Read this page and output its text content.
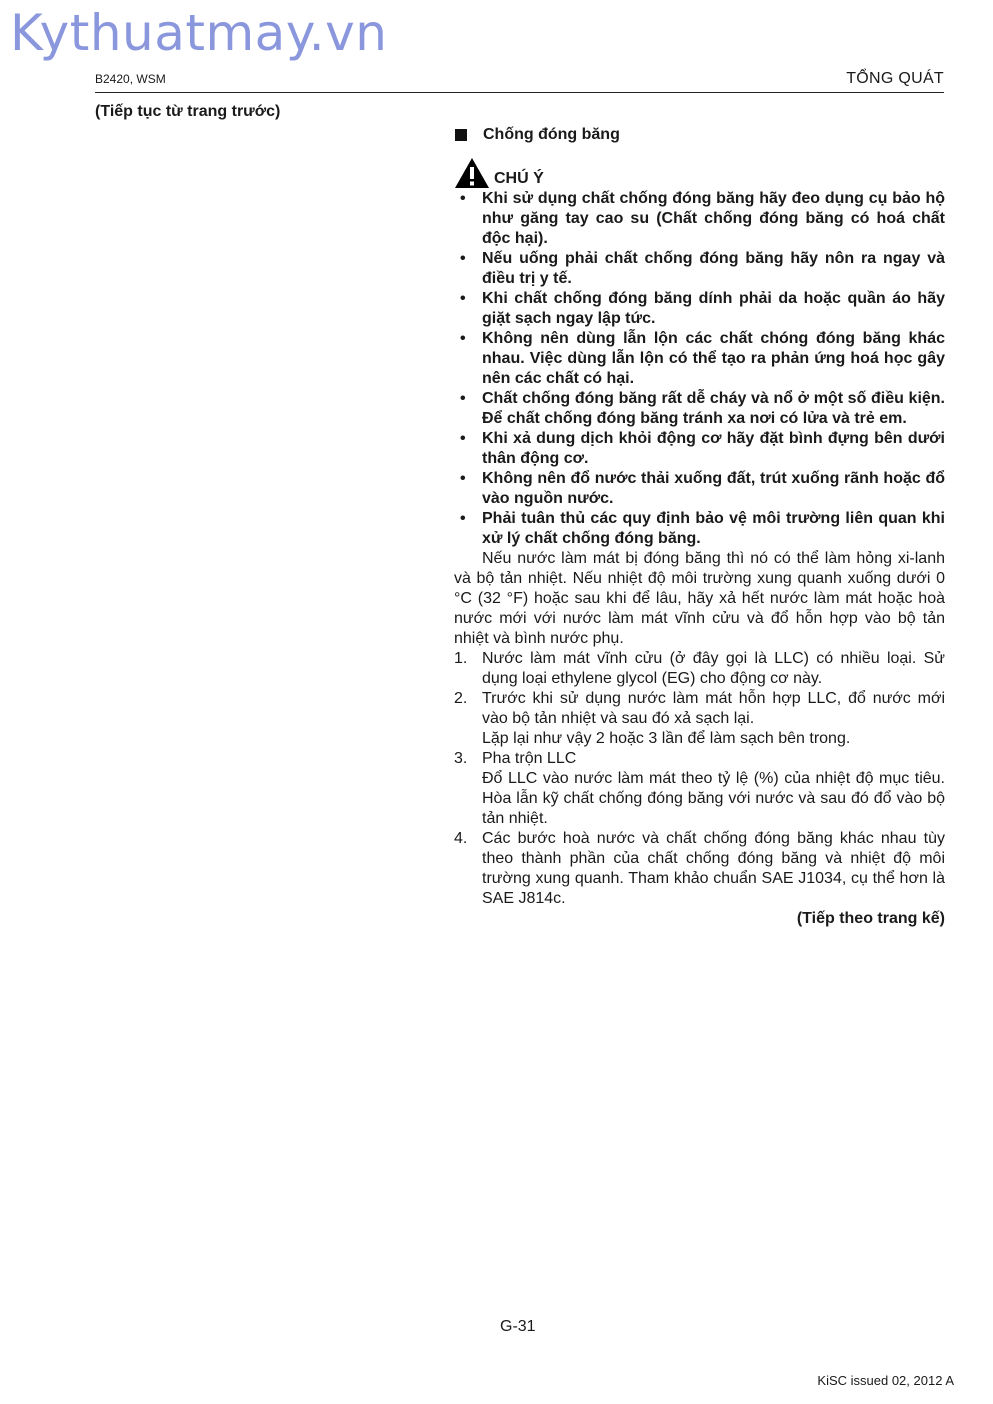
Kythuatmay.vn
B2420, WSM	TỔNG QUÁT
(Tiếp tục từ trang trước)
Chống đóng băng
CHÚ Ý
• Khi sử dụng chất chống đóng băng hãy đeo dụng cụ bảo hộ như găng tay cao su (Chất chống đóng băng có hoá chất độc hại).
• Nếu uống phải chất chống đóng băng hãy nôn ra ngay và điều trị y tế.
• Khi chất chống đóng băng dính phải da hoặc quần áo hãy giặt sạch ngay lập tức.
• Không nên dùng lẫn lộn các chất chóng đóng băng khác nhau. Việc dùng lẫn lộn có thể tạo ra phản ứng hoá học gây nên các chất có hại.
• Chất chống đóng băng rất dễ cháy và nổ ở một số điều kiện. Để chất chống đóng băng tránh xa nơi có lửa và trẻ em.
• Khi xả dung dịch khỏi động cơ hãy đặt bình đựng bên dưới thân động cơ.
• Không nên đổ nước thải xuống đất, trút xuống rãnh hoặc đổ vào nguồn nước.
• Phải tuân thủ các quy định bảo vệ môi trường liên quan khi xử lý chất chống đóng băng.

Nếu nước làm mát bị đóng băng thì nó có thể làm hỏng xi-lanh và bộ tản nhiệt. Nếu nhiệt độ môi trường xung quanh xuống dưới 0 °C (32 °F) hoặc sau khi để lâu, hãy xả hết nước làm mát hoặc hoà nước mới với nước làm mát vĩnh cửu và đổ hỗn hợp vào bộ tản nhiệt và bình nước phụ.

1. Nước làm mát vĩnh cửu (ở đây gọi là LLC) có nhiều loại. Sử dụng loại ethylene glycol (EG) cho động cơ này.
2. Trước khi sử dụng nước làm mát hỗn hợp LLC, đổ nước mới vào bộ tản nhiệt và sau đó xả sạch lại.
Lặp lại như vậy 2 hoặc 3 lần để làm sạch bên trong.
3. Pha trộn LLC
Đổ LLC vào nước làm mát theo tỷ lệ (%) của nhiệt độ mục tiêu. Hòa lẫn kỹ chất chống đóng băng với nước và sau đó đổ vào bộ tản nhiệt.
4. Các bước hoà nước và chất chống đóng băng khác nhau tùy theo thành phần của chất chống đóng băng và nhiệt độ môi trường xung quanh. Tham khảo chuẩn SAE J1034, cụ thể hơn là SAE J814c.
(Tiếp theo trang kế)
G-31
KiSC issued 02, 2012 A
